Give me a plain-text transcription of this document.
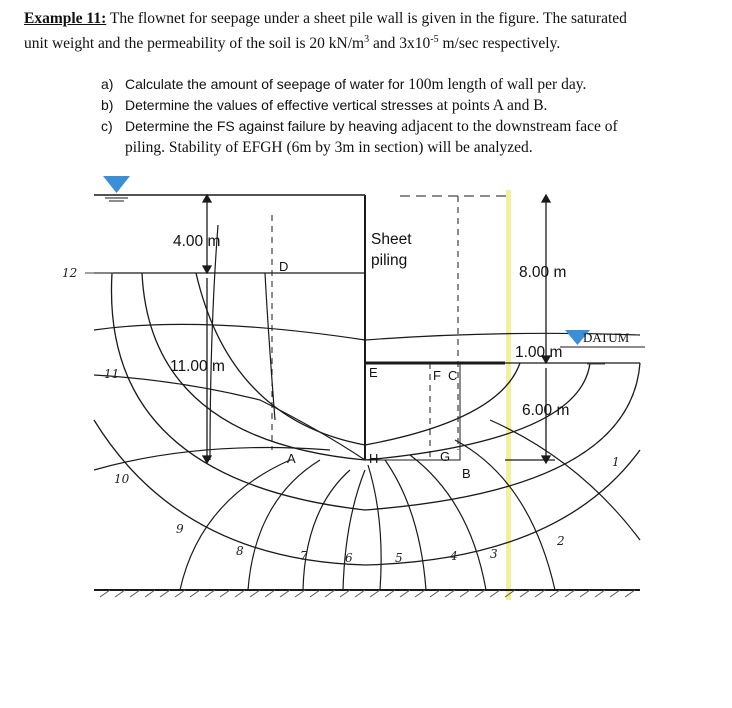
Example 11: The flownet for seepage under a sheet pile wall is given in the figure. The saturated
unit weight and the permeability of the soil is 20 $kN/m^3$ and $3x10^{-5}$ m/sec respectively.
a) Calculate the amount of seepage of water for 100m length of wall per day.
b) Determine the values of effective vertical stresses at points A and B.
c) Determine the FS against failure by heaving adjacent to the downstream face of
piling. Stability of EFGH (6m by 3m in section) will be analyzed.
4.00 m
11.00 m
Sheet
piling
8.00 m
DATUM
1.00 m
6.00 m
D
E	F C
A	H	G
B
12
11
10
9
8	7	6	5	4	3
2
1
